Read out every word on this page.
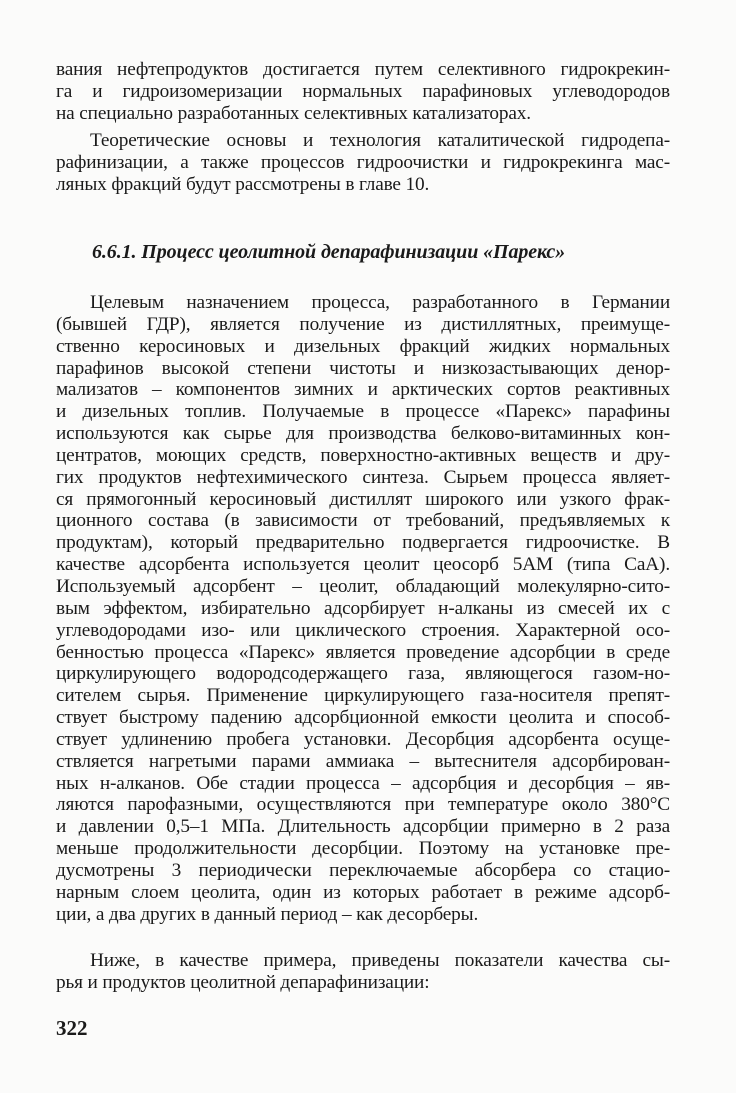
вания нефтепродуктов достигается путем селективного гидрокрекин-
га и гидроизомеризации нормальных парафиновых углеводородов
на специально разработанных селективных катализаторах.
Теоретические основы и технология каталитической гидродепа-
рафинизации, а также процессов гидроочистки и гидрокрекинга мас-
ляных фракций будут рассмотрены в главе 10.
6.6.1. Процесс цеолитной депарафинизации «Парекс»
Целевым назначением процесса, разработанного в Германии
(бывшей ГДР), является получение из дистиллятных, преимуще-
ственно керосиновых и дизельных фракций жидких нормальных
парафинов высокой степени чистоты и низкозастывающих денор-
мализатов – компонентов зимних и арктических сортов реактивных
и дизельных топлив. Получаемые в процессе «Парекс» парафины
используются как сырье для производства белково-витаминных кон-
центратов, моющих средств, поверхностно-активных веществ и дру-
гих продуктов нефтехимического синтеза. Сырьем процесса являет-
ся прямогонный керосиновый дистиллят широкого или узкого фрак-
ционного состава (в зависимости от требований, предъявляемых к
продуктам), который предварительно подвергается гидроочистке. В
качестве адсорбента используется цеолит цеосорб 5АМ (типа СаА).
Используемый адсорбент – цеолит, обладающий молекулярно-сито-
вым эффектом, избирательно адсорбирует н-алканы из смесей их с
углеводородами изо- или циклического строения. Характерной осо-
бенностью процесса «Парекс» является проведение адсорбции в среде
циркулирующего водородсодержащего газа, являющегося газом-но-
сителем сырья. Применение циркулирующего газа-носителя препят-
ствует быстрому падению адсорбционной емкости цеолита и способ-
ствует удлинению пробега установки. Десорбция адсорбента осуще-
ствляется нагретыми парами аммиака – вытеснителя адсорбирован-
ных н-алканов. Обе стадии процесса – адсорбция и десорбция – яв-
ляются парофазными, осуществляются при температуре около 380°С
и давлении 0,5–1 МПа. Длительность адсорбции примерно в 2 раза
меньше продолжительности десорбции. Поэтому на установке пре-
дусмотрены 3 периодически переключаемые абсорбера со стацио-
нарным слоем цеолита, один из которых работает в режиме адсорб-
ции, а два других в данный период – как десорберы.
Ниже, в качестве примера, приведены показатели качества сы-
рья и продуктов цеолитной депарафинизации:
322
